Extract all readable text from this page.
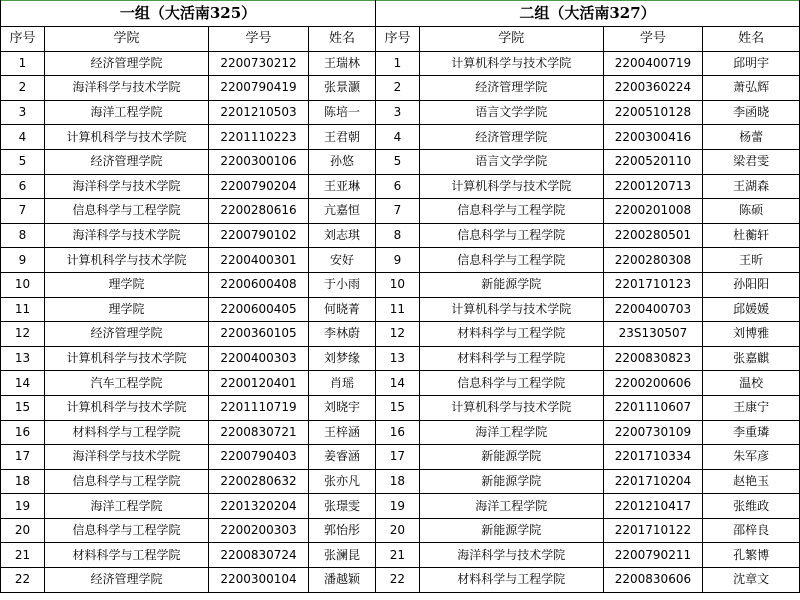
一组（大活南325）			
序号	学院	学号	姓名
1	经济管理学院	2200730212	王瑞林
2	海洋科学与技术学院	2200790419	张景灏
3	海洋工程学院	2201210503	陈培一
4	计算机科学与技术学院	2201110223	王君朝
5	经济管理学院	2200300106	孙悠
6	海洋科学与技术学院	2200790204	王亚琳
7	信息科学与工程学院	2200280616	亢嘉恒
8	海洋科学与技术学院	2200790102	刘志琪
9	计算机科学与技术学院	2200400301	安好
10	理学院	2200600408	于小雨
11	理学院	2200600405	何晓菁
12	经济管理学院	2200360105	李林蔚
13	计算机科学与技术学院	2200400303	刘梦缘
14	汽车工程学院	2200120401	肖瑶
15	计算机科学与技术学院	2201110719	刘晓宇
16	材料科学与工程学院	2200830721	王梓涵
17	海洋科学与技术学院	2200790403	姜睿涵
18	信息科学与工程学院	2200280632	张亦凡
19	海洋工程学院	2201320204	张璟雯
20	信息科学与工程学院	2200200303	郭怡彤
21	材料科学与工程学院	2200830724	张澜昆
22	经济管理学院	2200300104	潘越颖
二组（大活南327）			
序号	学院	学号	姓名
1	计算机科学与技术学院	2200400719	邱明宇
2	经济管理学院	2200360224	萧弘辉
3	语言文学学院	2200510128	李函晓
4	经济管理学院	2200300416	杨蕾
5	语言文学学院	2200520110	梁君雯
6	计算机科学与技术学院	2200120713	王湖森
7	信息科学与工程学院	2200201008	陈硕
8	信息科学与工程学院	2200280501	杜蘅轩
9	信息科学与工程学院	2200280308	王昕
10	新能源学院	2201710123	孙阳阳
11	计算机科学与技术学院	2200400703	邱媛媛
12	材料科学与工程学院	23S130507	刘博雅
13	材料科学与工程学院	2200830823	张嘉麒
14	信息科学与工程学院	2200200606	温校
15	计算机科学与技术学院	2201110607	王康宁
16	海洋工程学院	2200730109	李重璘
17	新能源学院	2201710334	朱军彦
18	新能源学院	2201710204	赵艳玉
19	海洋工程学院	2201210417	张维政
20	新能源学院	2201710122	邵梓良
21	海洋科学与技术学院	2200790211	孔繁博
22	材料科学与工程学院	2200830606	沈章文
